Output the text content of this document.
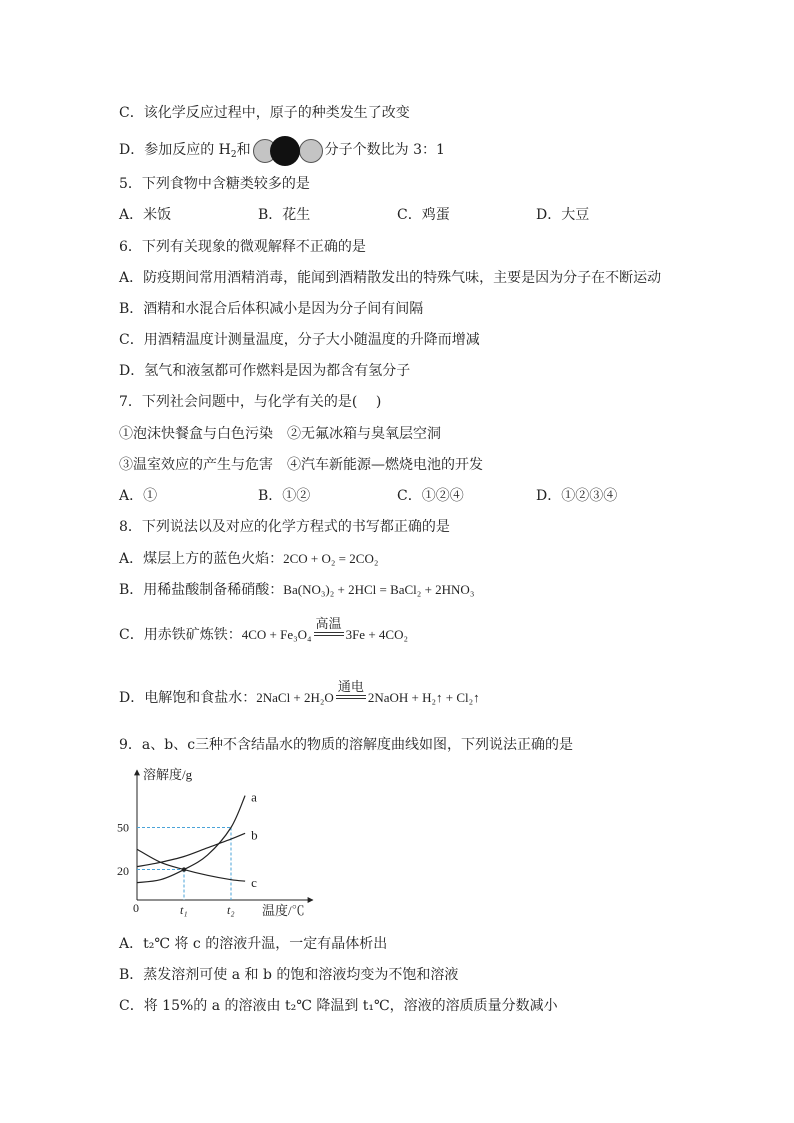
C．该化学反应过程中，原子的种类发生了改变
D．参加反应的 $H_2$和	分子个数比为 3：1
5．下列食物中含糖类较多的是
A．米饭	B．花生	C．鸡蛋	D．大豆
6．下列有关现象的微观解释不正确的是
A．防疫期间常用酒精消毒，能闻到酒精散发出的特殊气味，主要是因为分子在不断运动
B．酒精和水混合后体积减小是因为分子间有间隔
C．用酒精温度计测量温度，分子大小随温度的升降而增减
D．氢气和液氢都可作燃料是因为都含有氢分子
7．下列社会问题中，与化学有关的是(　 )
①泡沫快餐盒与白色污染　②无氟冰箱与臭氧层空洞
③温室效应的产生与危害　④汽车新能源—燃烧电池的开发
A．①	B．①②	C．①②④	D．①②③④
8．下列说法以及对应的化学方程式的书写都正确的是
A．煤层上方的蓝色火焰：2CO + O₂ = 2CO₂
B．用稀盐酸制备稀硝酸：Ba(NO₃)₂ + 2HCl = BaCl₂ + 2HNO₃
C．用赤铁矿炼铁：4CO + Fe₃O₄
高温
3Fe + 4CO₂
D．电解饱和食盐水：2NaCl + 2H₂O
通电
2NaOH + H₂↑ + Cl₂↑
9．a、b、c三种不含结晶水的物质的溶解度曲线如图，下列说法正确的是
溶解度/g
温度/℃
0
a
b
c
50
20
t₁	t₂
A．t₂℃ 将 c 的溶液升温，一定有晶体析出
B．蒸发溶剂可使 a 和 b 的饱和溶液均变为不饱和溶液
C．将 15%的 a 的溶液由 t₂℃ 降温到 t₁℃，溶液的溶质质量分数减小
